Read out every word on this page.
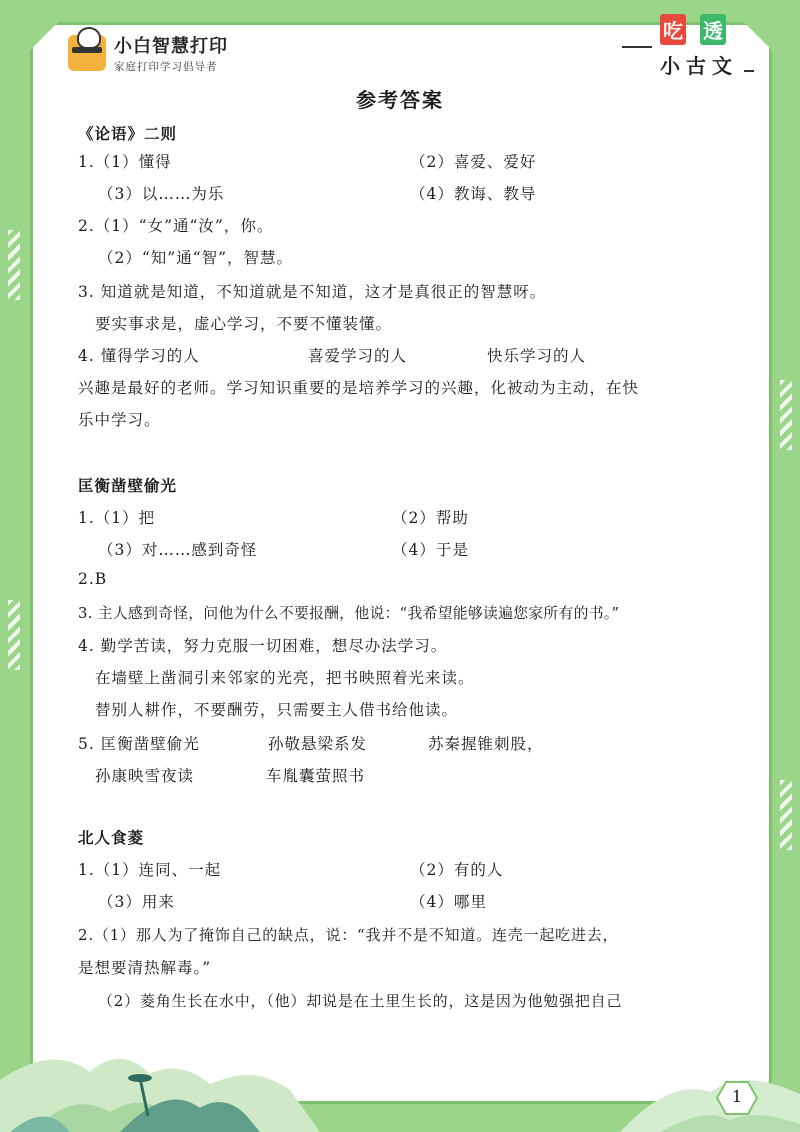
小白智慧打印
家庭打印学习倡导者
吃 透
小古文
参考答案
《论语》二则
1.（1）懂得	（2）喜爱、爱好
（3）以……为乐	（4）教诲、教导
2.（1）“女”通“汝”，你。
（2）“知”通“智”，智慧。
3. 知道就是知道，不知道就是不知道，这才是真很正的智慧呀。
要实事求是，虚心学习，不要不懂装懂。
4. 懂得学习的人	喜爱学习的人	快乐学习的人
兴趣是最好的老师。学习知识重要的是培养学习的兴趣，化被动为主动，在快
乐中学习。
匡衡凿壁偷光
1.（1）把	（2）帮助
（3）对……感到奇怪	（4）于是
2.B
3. 主人感到奇怪，问他为什么不要报酬，他说：“我希望能够读遍您家所有的书。”
4. 勤学苦读，努力克服一切困难，想尽办法学习。
在墙壁上凿洞引来邻家的光亮，把书映照着光来读。
替别人耕作，不要酬劳，只需要主人借书给他读。
5. 匡衡凿壁偷光	孙敬悬梁系发	苏秦握锥刺股，
孙康映雪夜读	车胤囊萤照书
北人食菱
1.（1）连同、一起	（2）有的人
（3）用来	（4）哪里
2.（1）那人为了掩饰自己的缺点，说：“我并不是不知道。连壳一起吃进去，
是想要清热解毒。”
（2）菱角生长在水中，（他）却说是在土里生长的，这是因为他勉强把自己
1
